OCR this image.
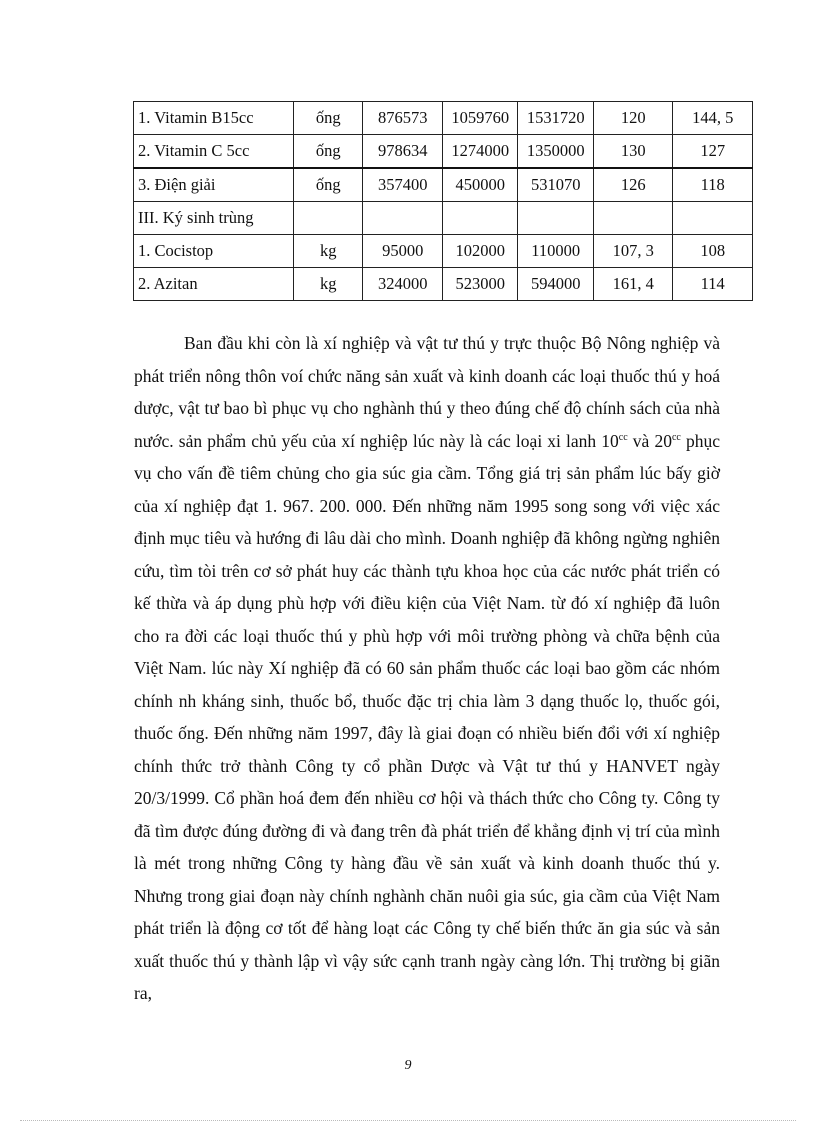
1. Vitamin B15cc	ống	876573	1059760	1531720	120	144, 5
2. Vitamin C 5cc	ống	978634	1274000	1350000	130	127
3. Điện giải	ống	357400	450000	531070	126	118
III. Ký sinh trùng						
1. Cocistop	kg	95000	102000	110000	107, 3	108
2. Azitan	kg	324000	523000	594000	161, 4	114

Ban đầu khi còn là xí nghiệp và vật tư thú y trực thuộc Bộ Nông nghiệp và phát triển nông thôn voí chức năng sản xuất và kinh doanh các loại thuốc thú y hoá dược, vật tư bao bì phục vụ cho nghành thú y theo đúng chế độ chính sách của nhà nước. sản phẩm chủ yếu của xí nghiệp lúc này là các loại xi lanh $10^{cc}$ và $20^{cc}$ phục vụ cho vấn đề tiêm chủng cho gia súc gia cầm. Tổng giá trị sản phẩm lúc bấy giờ của xí nghiệp đạt 1. 967. 200. 000. Đến những năm 1995 song song với việc xác định mục tiêu và hướng đi lâu dài cho mình. Doanh nghiệp đã không ngừng nghiên cứu, tìm tòi trên cơ sở phát huy các thành tựu khoa học của các nước phát triển có kế thừa và áp dụng phù hợp với điều kiện của Việt Nam. từ đó xí nghiệp đã luôn cho ra đời các loại thuốc thú y phù hợp với môi trường phòng và chữa bệnh của Việt Nam. lúc này Xí nghiệp đã có 60 sản phẩm thuốc các loại bao gồm các nhóm chính nh kháng sinh, thuốc bổ, thuốc đặc trị chia làm 3 dạng thuốc lọ, thuốc gói, thuốc ống. Đến những năm 1997, đây là giai đoạn có nhiều biến đổi với xí nghiệp chính thức trở thành Công ty cổ phần Dược và Vật tư thú y HANVET ngày 20/3/1999. Cổ phần hoá đem đến nhiều cơ hội và thách thức cho Công ty. Công ty đã tìm được đúng đường đi và đang trên đà phát triển để khẳng định vị trí của mình là mét trong những Công ty hàng đầu về sản xuất và kinh doanh thuốc thú y. Nhưng trong giai đoạn này chính nghành chăn nuôi gia súc, gia cầm của Việt Nam phát triển là động cơ tốt để hàng loạt các Công ty chế biến thức ăn gia súc và sản xuất thuốc thú y thành lập vì vậy sức cạnh tranh ngày càng lớn. Thị trường bị giãn ra,

9
